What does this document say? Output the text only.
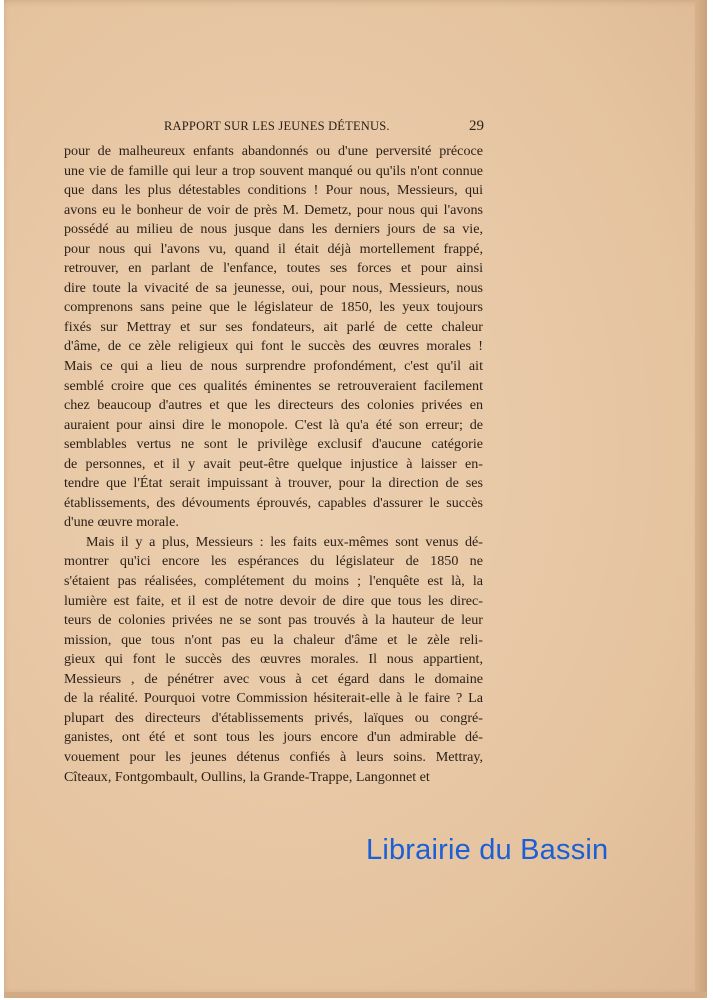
RAPPORT SUR LES JEUNES DÉTENUS.	29
pour de malheureux enfants abandonnés ou d'une perversité précoce
une vie de famille qui leur a trop souvent manqué ou qu'ils n'ont connue
que dans les plus détestables conditions ! Pour nous, Messieurs, qui
avons eu le bonheur de voir de près M. Demetz, pour nous qui l'avons
possédé au milieu de nous jusque dans les derniers jours de sa vie,
pour nous qui l'avons vu, quand il était déjà mortellement frappé,
retrouver, en parlant de l'enfance, toutes ses forces et pour ainsi
dire toute la vivacité de sa jeunesse, oui, pour nous, Messieurs, nous
comprenons sans peine que le législateur de 1850, les yeux toujours
fixés sur Mettray et sur ses fondateurs, ait parlé de cette chaleur
d'âme, de ce zèle religieux qui font le succès des œuvres morales !
Mais ce qui a lieu de nous surprendre profondément, c'est qu'il ait
semblé croire que ces qualités éminentes se retrouveraient facilement
chez beaucoup d'autres et que les directeurs des colonies privées en
auraient pour ainsi dire le monopole. C'est là qu'a été son erreur; de
semblables vertus ne sont le privilège exclusif d'aucune catégorie
de personnes, et il y avait peut-être quelque injustice à laisser en-
tendre que l'État serait impuissant à trouver, pour la direction de ses
établissements, des dévouments éprouvés, capables d'assurer le succès
d'une œuvre morale.
Mais il y a plus, Messieurs : les faits eux-mêmes sont venus dé-
montrer qu'ici encore les espérances du législateur de 1850 ne
s'étaient pas réalisées, complétement du moins ; l'enquête est là, la
lumière est faite, et il est de notre devoir de dire que tous les direc-
teurs de colonies privées ne se sont pas trouvés à la hauteur de leur
mission, que tous n'ont pas eu la chaleur d'âme et le zèle reli-
gieux qui font le succès des œuvres morales. Il nous appartient,
Messieurs , de pénétrer avec vous à cet égard dans le domaine
de la réalité. Pourquoi votre Commission hésiterait-elle à le faire ? La
plupart des directeurs d'établissements privés, laïques ou congré-
ganistes, ont été et sont tous les jours encore d'un admirable dé-
vouement pour les jeunes détenus confiés à leurs soins. Mettray,
Cîteaux, Fontgombault, Oullins, la Grande-Trappe, Langonnet et
Librairie du Bassin
